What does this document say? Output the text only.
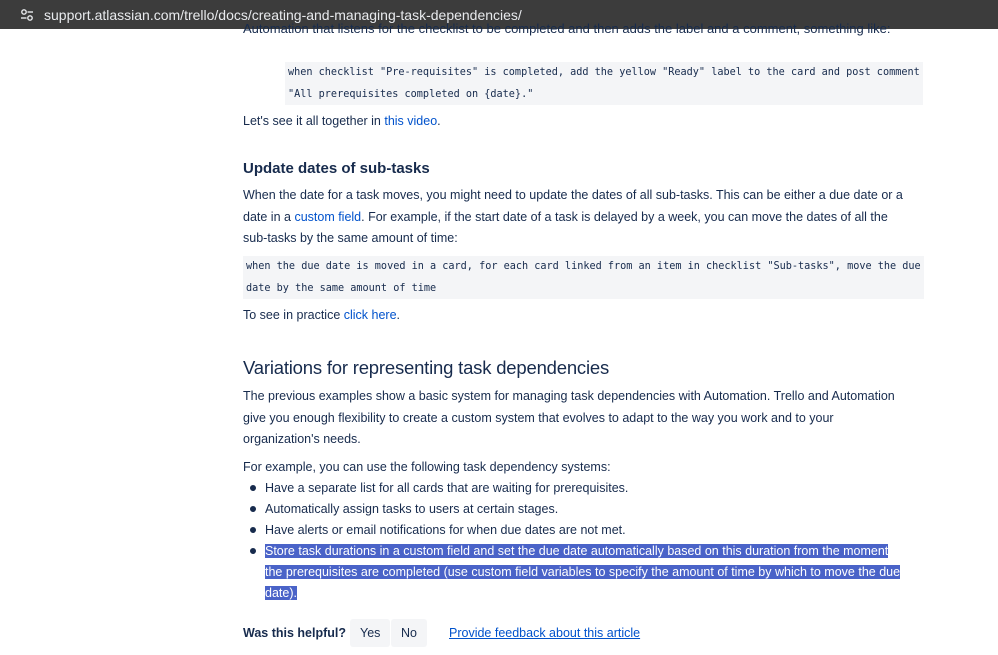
support.atlassian.com/trello/docs/creating-and-managing-task-dependencies/
Automation that listens for the checklist to be completed and then adds the label and a comment, something like:
when checklist "Pre-requisites" is completed, add the yellow "Ready" label to the card and post comment
"All prerequisites completed on {date}."

Let's see it all together in this video.

Update dates of sub-tasks

When the date for a task moves, you might need to update the dates of all sub-tasks. This can be either a due date or a date in a custom field. For example, if the start date of a task is delayed by a week, you can move the dates of all the sub-tasks by the same amount of time:

when the due date is moved in a card, for each card linked from an item in checklist "Sub-tasks", move the due
date by the same amount of time

To see in practice click here.

Variations for representing task dependencies

The previous examples show a basic system for managing task dependencies with Automation. Trello and Automation give you enough flexibility to create a custom system that evolves to adapt to the way you work and to your organization's needs.

For example, you can use the following task dependency systems:

Have a separate list for all cards that are waiting for prerequisites.
Automatically assign tasks to users at certain stages.
Have alerts or email notifications for when due dates are not met.
Store task durations in a custom field and set the due date automatically based on this duration from the moment the prerequisites are completed (use custom field variables to specify the amount of time by which to move the due date).
Was this helpful?	Yes	No	Provide feedback about this article
